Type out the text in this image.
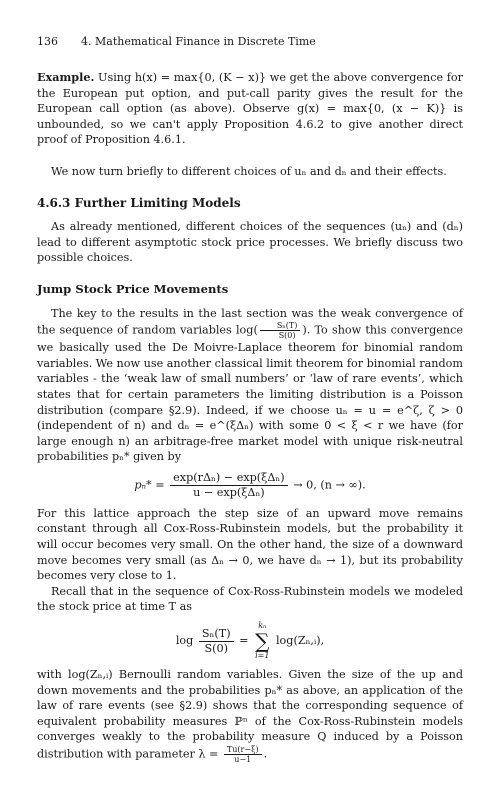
136 4. Mathematical Finance in Discrete Time

Example. Using h(x) = max{0, (K − x)} we get the above convergence for the European put option, and put-call parity gives the result for the European call option (as above). Observe g(x) = max{0, (x − K)} is unbounded, so we can't apply Proposition 4.6.2 to give another direct proof of Proposition 4.6.1.

We now turn briefly to different choices of uₙ and dₙ and their effects.

4.6.3 Further Limiting Models

As already mentioned, different choices of the sequences (uₙ) and (dₙ) lead to different asymptotic stock price processes. We briefly discuss two possible choices.

Jump Stock Price Movements

The key to the results in the last section was the weak convergence of the sequence of random variables $\log( \frac{\text{Sₙ(T)}}{S(0)}$ ). To show this convergence we basically used the De Moivre-Laplace theorem for binomial random variables. We now use another classical limit theorem for binomial random variables - the ‘weak law of small numbers’ or ‘law of rare events’, which states that for certain parameters the limiting distribution is a Poisson distribution (compare §2.9). Indeed, if we choose uₙ = u = e^ζ, ζ > 0 (independent of n) and dₙ = e^(ξΔₙ) with some 0 < ξ < r we have (for large enough n) an arbitrage-free market model with unique risk-neutral probabilities pₙ* given by

$p_n* = \frac{\text{exp(rΔₙ) − exp(ξΔₙ)}}{\text{u − exp(ξΔₙ)}} \to 0$, (n → ∞).

For this lattice approach the step size of an upward move remains constant through all Cox-Ross-Rubinstein models, but the probability it will occur becomes very small. On the other hand, the size of a downward move becomes very small (as Δₙ → 0, we have dₙ → 1), but its probability becomes very close to 1.

Recall that in the sequence of Cox-Ross-Rubinstein models we modeled the stock price at time T as

$\log \frac{\text{Sₙ(T)}}{S(0)}$ =
kₙ
∑
i=1
log(Zₙ,ᵢ),

with log(Zₙ,ᵢ) Bernoulli random variables. Given the size of the up and down movements and the probabilities pₙ* as above, an application of the law of rare events (see §2.9) shows that the corresponding sequence of equivalent probability measures ℙⁿ of the Cox-Ross-Rubinstein models converges weakly to the probability measure Q induced by a Poisson distribution with parameter $\lambda = \frac{Tu(r-\xi)}{u-1}$ .
